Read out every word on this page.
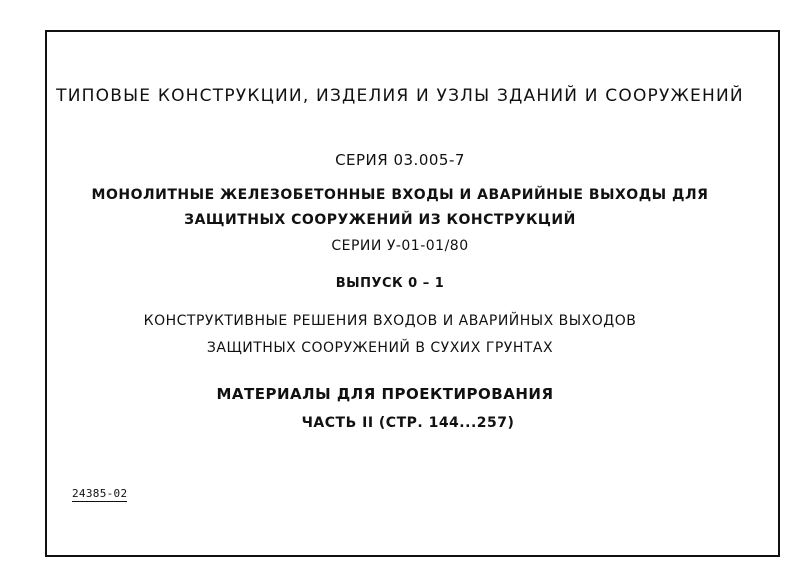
ТИПОВЫЕ КОНСТРУКЦИИ, ИЗДЕЛИЯ И УЗЛЫ ЗДАНИЙ И СООРУЖЕНИЙ
СЕРИЯ 03.005-7
МОНОЛИТНЫЕ ЖЕЛЕЗОБЕТОННЫЕ ВХОДЫ И АВАРИЙНЫЕ ВЫХОДЫ ДЛЯ
ЗАЩИТНЫХ СООРУЖЕНИЙ ИЗ КОНСТРУКЦИЙ
СЕРИИ У-01-01/80
ВЫПУСК 0 – 1
КОНСТРУКТИВНЫЕ РЕШЕНИЯ ВХОДОВ И АВАРИЙНЫХ ВЫХОДОВ
ЗАЩИТНЫХ СООРУЖЕНИЙ В СУХИХ ГРУНТАХ
МАТЕРИАЛЫ ДЛЯ ПРОЕКТИРОВАНИЯ
ЧАСТЬ II (СТР. 144...257)
24385-02
